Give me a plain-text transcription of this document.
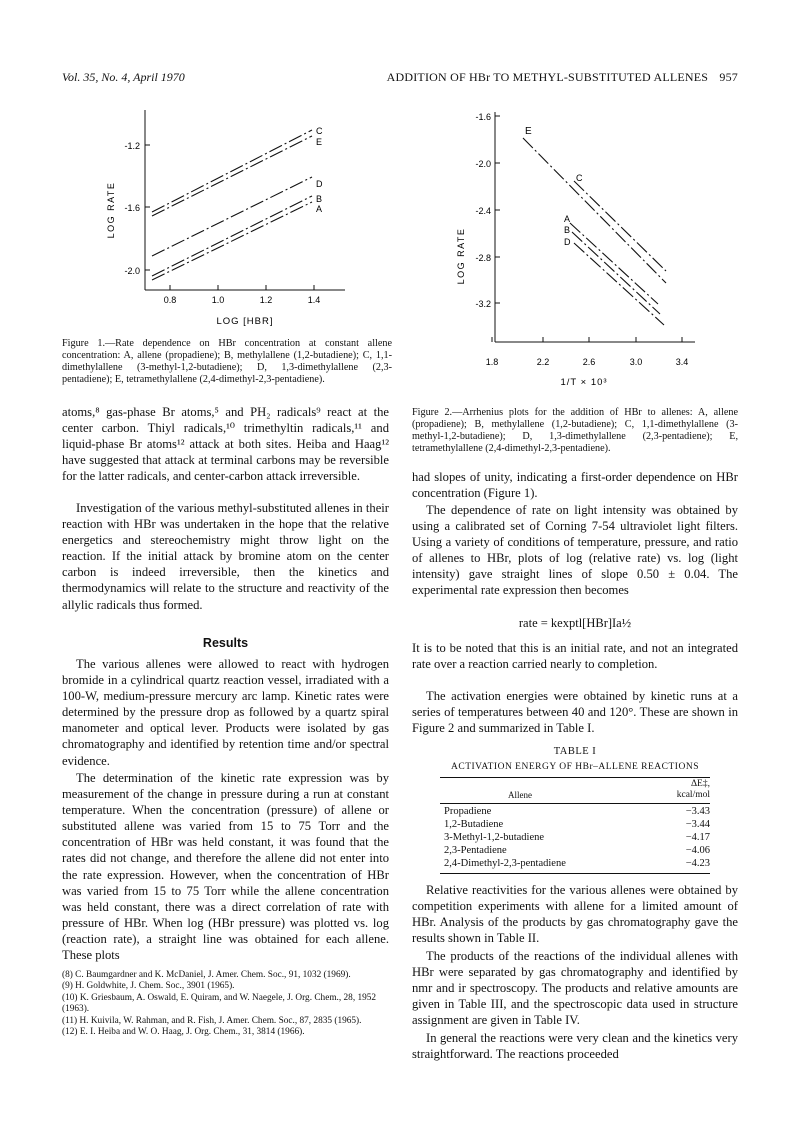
Vol. 35, No. 4, April 1970	ADDITION OF HBr TO METHYL-SUBSTITUTED ALLENES 957
-1.2
-1.6
-2.0
0.8	1.0	1.2	1.4
LOG [HBR]
LOG RATE
C
E
D
B
A

Figure 1.—Rate dependence on HBr concentration at constant allene concentration: A, allene (propadiene); B, methylallene (1,2-butadiene); C, 1,1-dimethylallene (3-methyl-1,2-butadiene); D, 1,3-dimethylallene (2,3-pentadiene); E, tetramethylallene (2,4-dimethyl-2,3-pentadiene).

-1.6
-2.0
-2.4
-2.8
-3.2
1.8	2.2	2.6	3.0	3.4
1/T × 10³
LOG RATE
E
C
A
B
D

Figure 2.—Arrhenius plots for the addition of HBr to allenes: A, allene (propadiene); B, methylallene (1,2-butadiene); C, 1,1-dimethylallene (3-methyl-1,2-butadiene); D, 1,3-dimethylallene (2,3-pentadiene); E, tetramethylallene (2,4-dimethyl-2,3-pentadiene).

atoms,⁸ gas-phase Br atoms,⁵ and PH₂ radicals⁹ react at the center carbon. Thiyl radicals,¹⁰ trimethyltin radicals,¹¹ and liquid-phase Br atoms¹² attack at both sites. Heiba and Haag¹² have suggested that attack at terminal carbons may be reversible for the latter radicals, and center-carbon attack irreversible.

Investigation of the various methyl-substituted allenes in their reaction with HBr was undertaken in the hope that the relative energetics and stereochemistry might throw light on the reaction. If the initial attack by bromine atom on the center carbon is indeed irreversible, then the kinetics and thermodynamics will relate to the structure and reactivity of the allylic radicals thus formed.

Results

The various allenes were allowed to react with hydrogen bromide in a cylindrical quartz reaction vessel, irradiated with a 100-W, medium-pressure mercury arc lamp. Kinetic rates were determined by the pressure drop as followed by a quartz spiral manometer and optical lever. Products were isolated by gas chromatography and identified by retention time and/or spectral evidence.

The determination of the kinetic rate expression was by measurement of the change in pressure during a run at constant temperature. When the concentration (pressure) of allene or substituted allene was varied from 15 to 75 Torr and the concentration of HBr was held constant, it was found that the rates did not change, and therefore the allene did not enter into the rate expression. However, when the concentration of HBr was varied from 15 to 75 Torr while the allene concentration was held constant, there was a direct correlation of rate with pressure of HBr. When log (HBr pressure) was plotted vs. log (reaction rate), a straight line was obtained for each allene. These plots

(8) C. Baumgardner and K. McDaniel, J. Amer. Chem. Soc., 91, 1032 (1969).
(9) H. Goldwhite, J. Chem. Soc., 3901 (1965).
(10) K. Griesbaum, A. Oswald, E. Quiram, and W. Naegele, J. Org. Chem., 28, 1952 (1963).
(11) H. Kuivila, W. Rahman, and R. Fish, J. Amer. Chem. Soc., 87, 2835 (1965).
(12) E. I. Heiba and W. O. Haag, J. Org. Chem., 31, 3814 (1966).

had slopes of unity, indicating a first-order dependence on HBr concentration (Figure 1).

The dependence of rate on light intensity was obtained by using a calibrated set of Corning 7-54 ultraviolet light filters. Using a variety of conditions of temperature, pressure, and ratio of allenes to HBr, plots of log (relative rate) vs. log (light intensity) gave straight lines of slope 0.50 ± 0.04. The experimental rate expression then becomes

rate = kexptl[HBr]Ia½

It is to be noted that this is an initial rate, and not an integrated rate over a reaction carried nearly to completion.

The activation energies were obtained by kinetic runs at a series of temperatures between 40 and 120°. These are shown in Figure 2 and summarized in Table I.

TABLE I
ACTIVATION ENERGY OF HBr–ALLENE REACTIONS
Allene
ΔE‡,
kcal/mol
Propadiene	−3.43
1,2-Butadiene	−3.44
3-Methyl-1,2-butadiene	−4.17
2,3-Pentadiene	−4.06
2,4-Dimethyl-2,3-pentadiene	−4.23

Relative reactivities for the various allenes were obtained by competition experiments with allene for a limited amount of HBr. Analysis of the products by gas chromatography gave the results shown in Table II.

The products of the reactions of the individual allenes with HBr were separated by gas chromatography and identified by nmr and ir spectroscopy. The products and relative amounts are given in Table III, and the spectroscopic data used in structure assignment are given in Table IV.

In general the reactions were very clean and the kinetics very straightforward. The reactions proceeded
